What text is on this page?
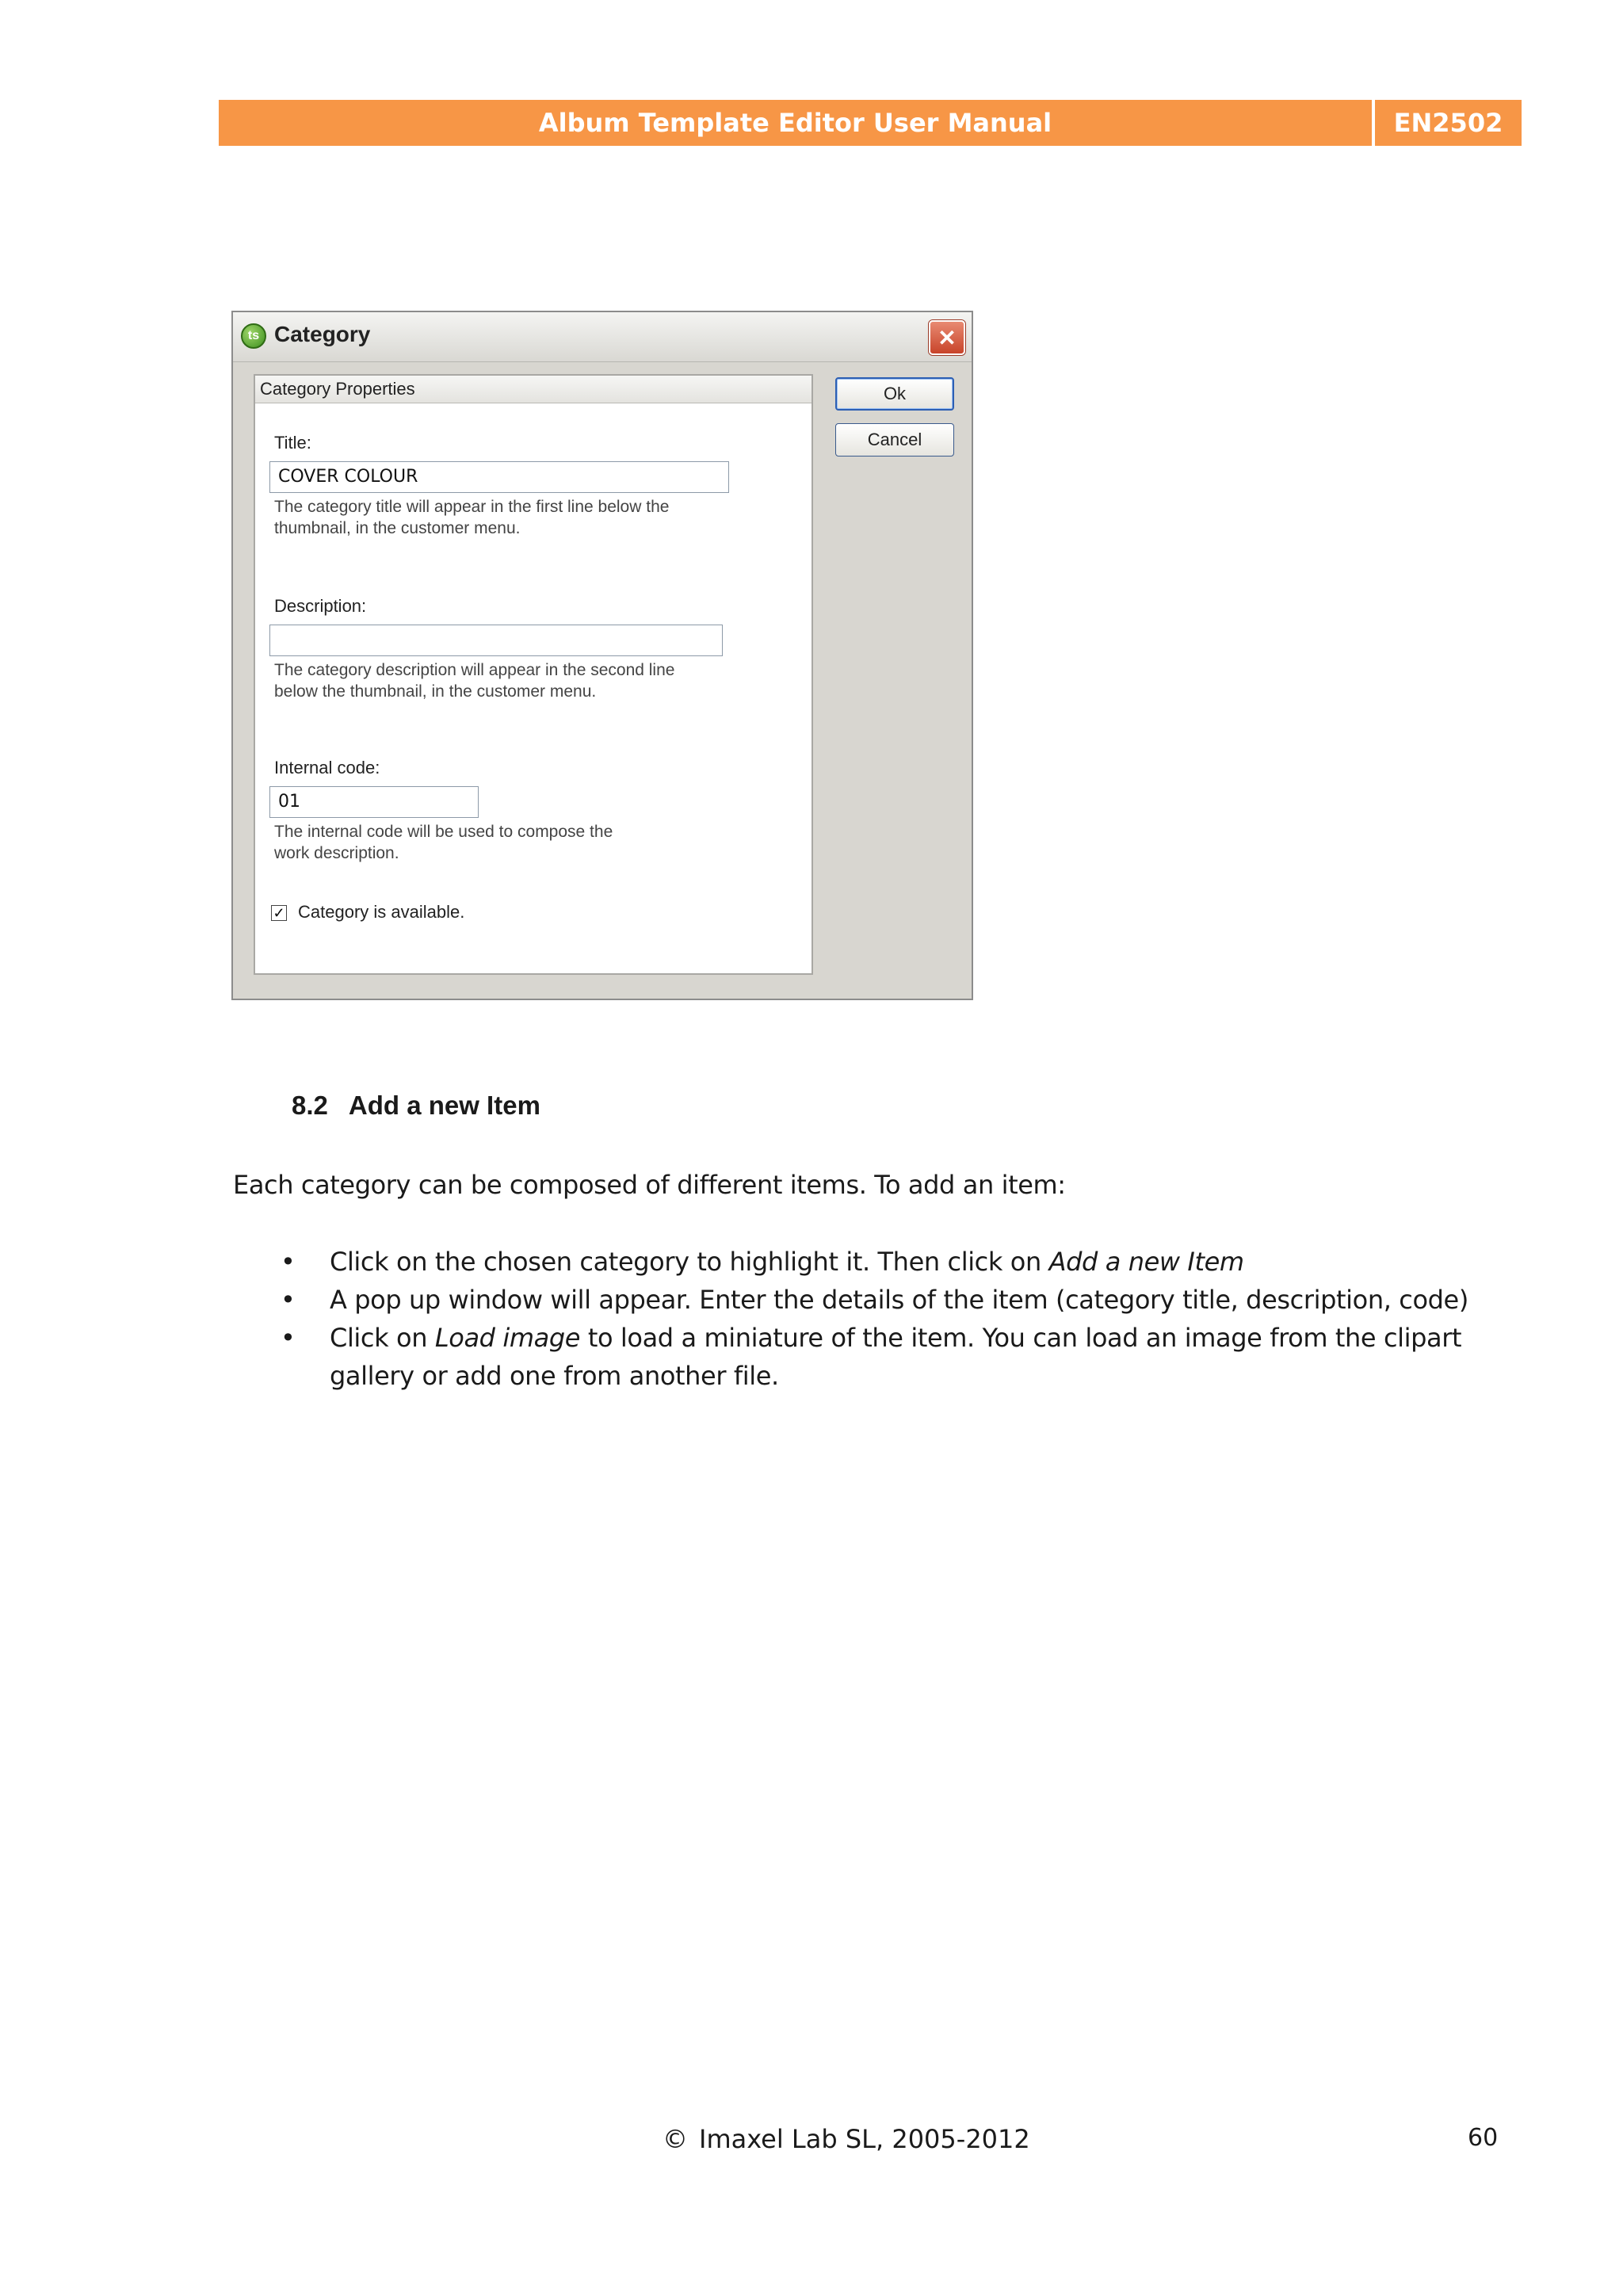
Album Template Editor User Manual	EN2502
ts Category	✕
Category Properties
Title:
COVER COLOUR
The category title will appear in the first line below the thumbnail, in the customer menu.
Description:
The category description will appear in the second line below the thumbnail, in the customer menu.
Internal code:
01
The internal code will be used to compose the work description.
✓ Category is available.
Ok
Cancel
8.2 Add a new Item
Each category can be composed of different items. To add an item:
• Click on the chosen category to highlight it. Then click on Add a new Item
• A pop up window will appear. Enter the details of the item (category title, description, code)
• Click on Load image to load a miniature of the item. You can load an image from the clipart gallery or add one from another file.
© Imaxel Lab SL, 2005-2012	60
